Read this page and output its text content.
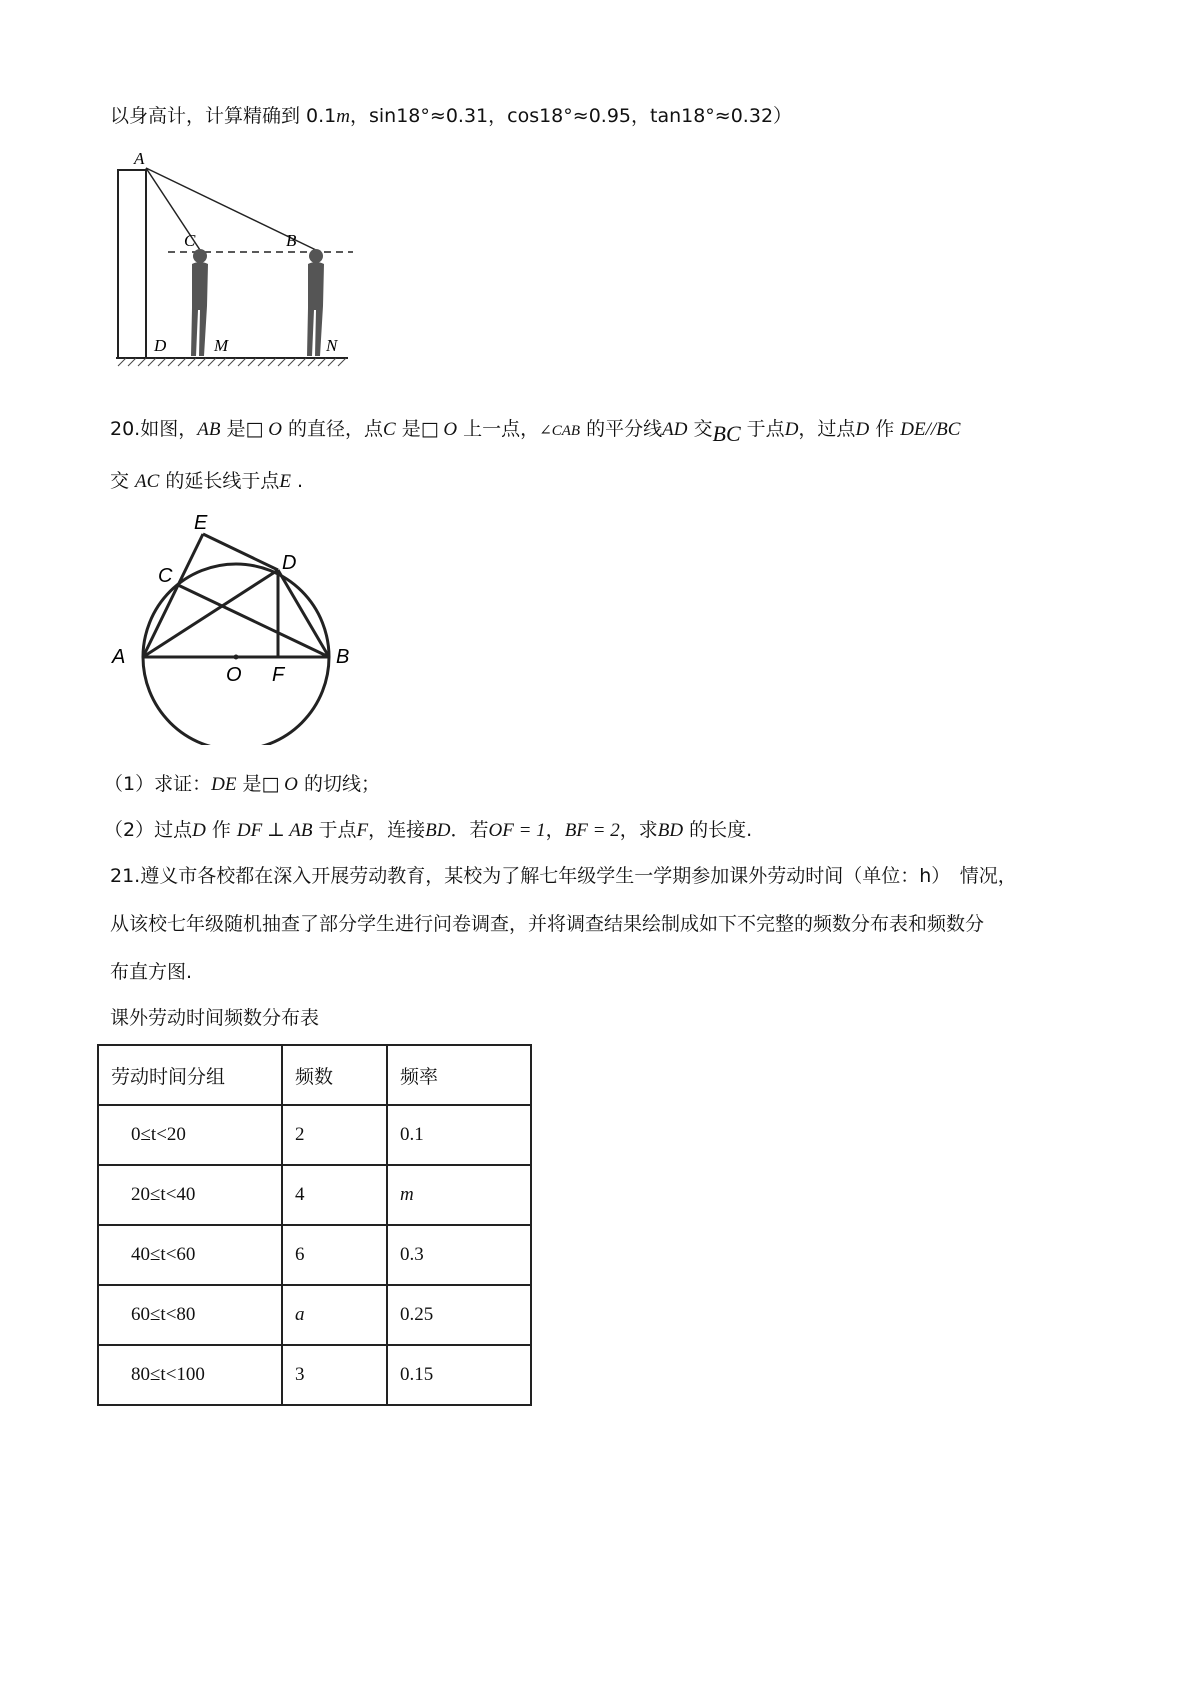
以身高计，计算精确到 0.1m，sin18°≈0.31，cos18°≈0.95，tan18°≈0.32）
A
C	B
D	M	N
20.如图，AB 是□ O 的直径，点C 是□ O 上一点，∠CAB 的平分线AD 交BC 于点D，过点D 作 DE//BC
交 AC 的延长线于点E .
E
C
D
A
O F
B
（1）求证：DE 是□ O 的切线；
（2）过点D 作 DF ⊥ AB 于点F，连接BD．若OF = 1，BF = 2，求BD 的长度.
21.遵义市各校都在深入开展劳动教育，某校为了解七年级学生一学期参加课外劳动时间（单位：h）　情况，
从该校七年级随机抽查了部分学生进行问卷调查，并将调查结果绘制成如下不完整的频数分布表和频数分
布直方图.
课外劳动时间频数分布表
劳动时间分组	频数	频率
0≤t<20	2	0.1
20≤t<40	4	m
40≤t<60	6	0.3
60≤t<80	a	0.25
80≤t<100	3	0.15
